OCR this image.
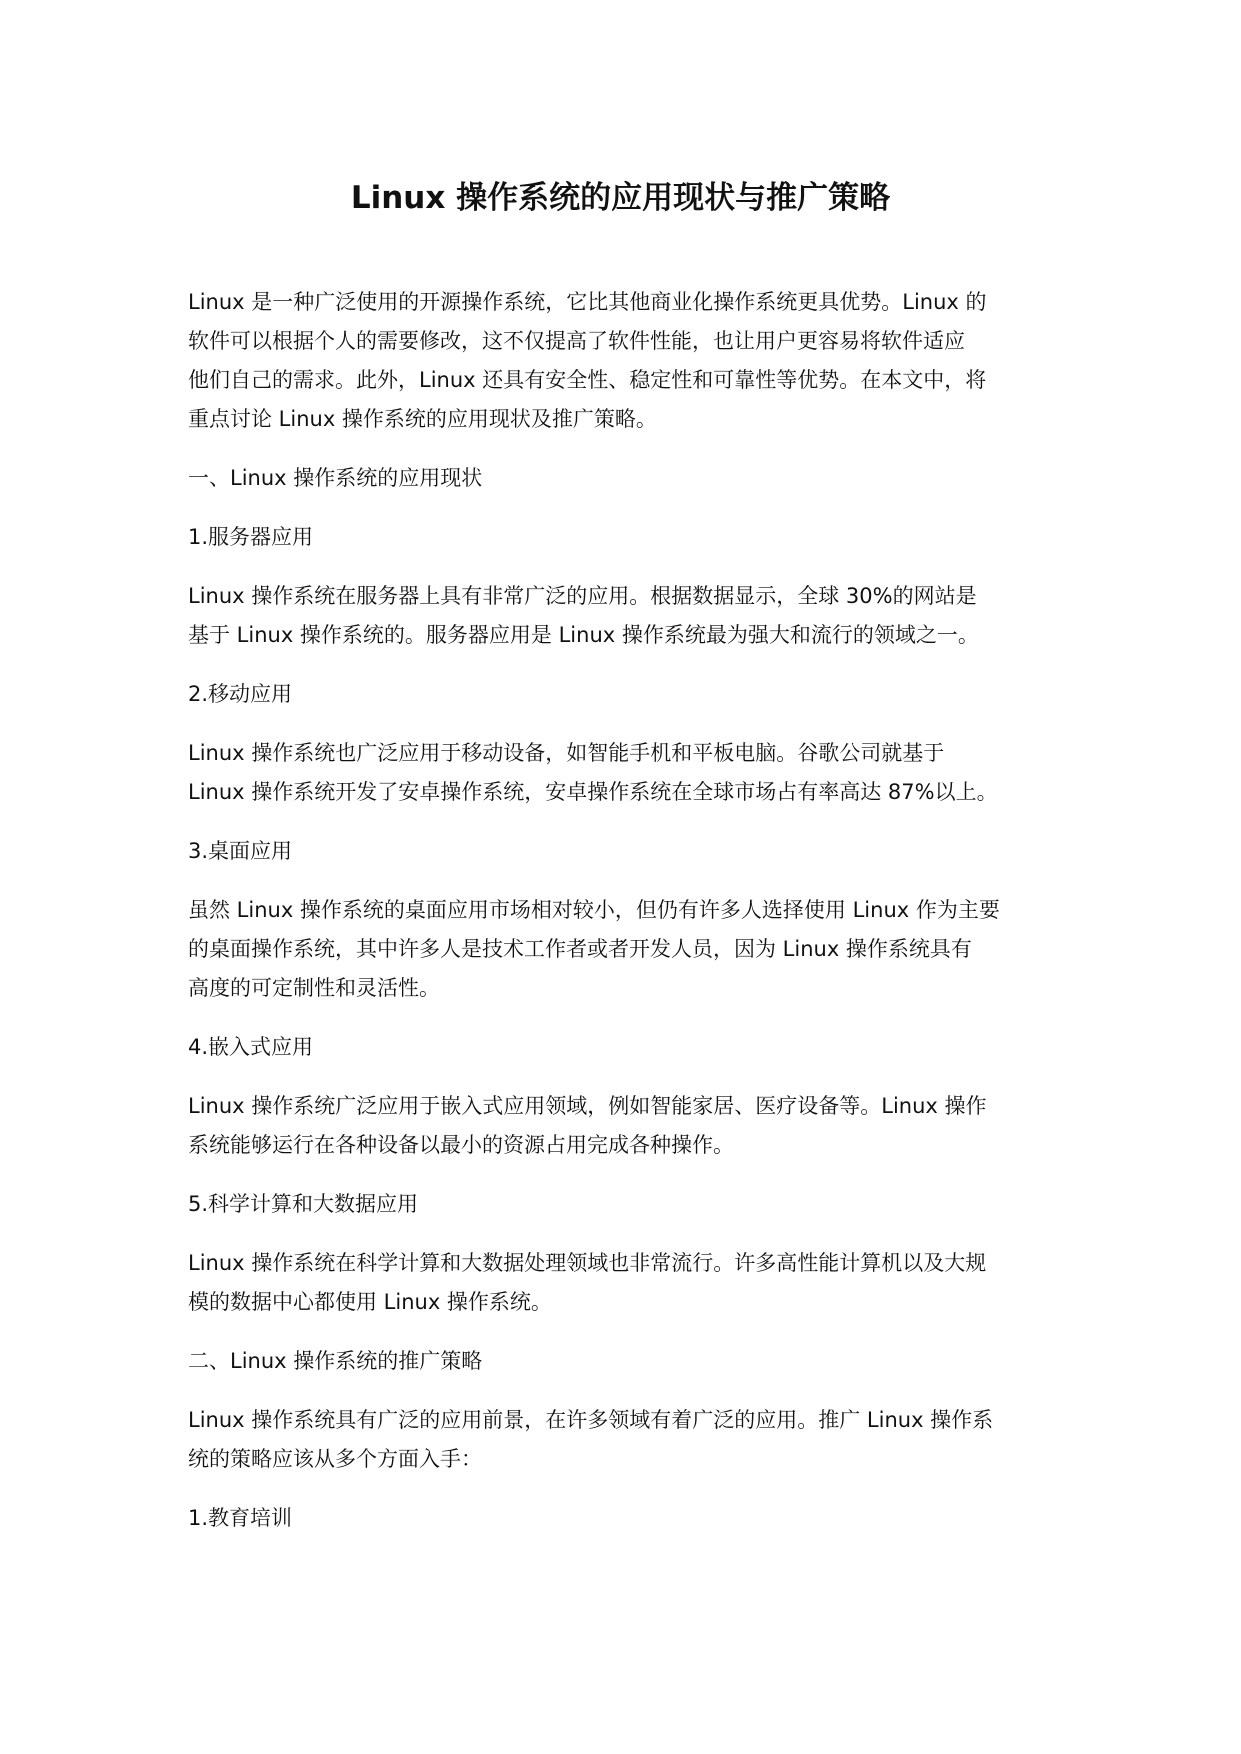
Linux 操作系统的应用现状与推广策略

Linux 是一种广泛使用的开源操作系统，它比其他商业化操作系统更具优势。Linux 的
软件可以根据个人的需要修改，这不仅提高了软件性能，也让用户更容易将软件适应
他们自己的需求。此外，Linux 还具有安全性、稳定性和可靠性等优势。在本文中，将
重点讨论 Linux 操作系统的应用现状及推广策略。

一、Linux 操作系统的应用现状

1.服务器应用

Linux 操作系统在服务器上具有非常广泛的应用。根据数据显示，全球 30%的网站是
基于 Linux 操作系统的。服务器应用是 Linux 操作系统最为强大和流行的领域之一。

2.移动应用

Linux 操作系统也广泛应用于移动设备，如智能手机和平板电脑。谷歌公司就基于
Linux 操作系统开发了安卓操作系统，安卓操作系统在全球市场占有率高达 87%以上。

3.桌面应用

虽然 Linux 操作系统的桌面应用市场相对较小，但仍有许多人选择使用 Linux 作为主要
的桌面操作系统，其中许多人是技术工作者或者开发人员，因为 Linux 操作系统具有
高度的可定制性和灵活性。

4.嵌入式应用

Linux 操作系统广泛应用于嵌入式应用领域，例如智能家居、医疗设备等。Linux 操作
系统能够运行在各种设备以最小的资源占用完成各种操作。

5.科学计算和大数据应用

Linux 操作系统在科学计算和大数据处理领域也非常流行。许多高性能计算机以及大规
模的数据中心都使用 Linux 操作系统。

二、Linux 操作系统的推广策略

Linux 操作系统具有广泛的应用前景，在许多领域有着广泛的应用。推广 Linux 操作系
统的策略应该从多个方面入手：

1.教育培训
